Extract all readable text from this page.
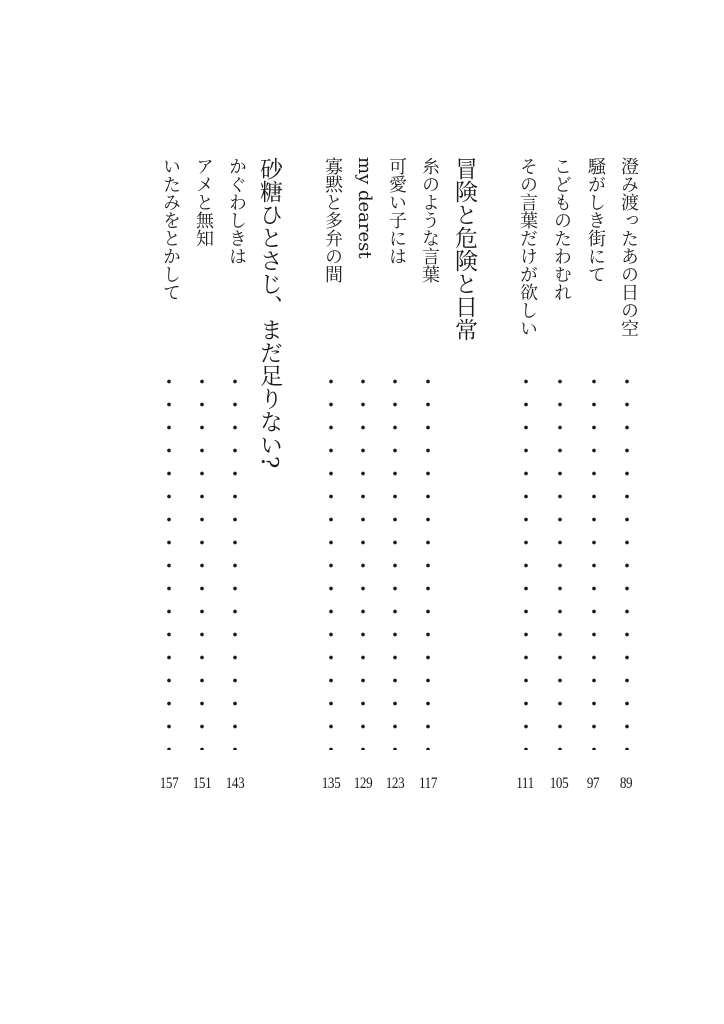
澄み渡ったあの日の空
89
騒がしき街にて
97
こどものたわむれ
105
その言葉だけが欲しい
111
冒険と危険と日常
糸のような言葉
117
可愛い子には
123
my dearest
129
寡黙と多弁の間
135
砂糖ひとさじ、まだ足りない?
かぐわしきは
143
アメと無知
151
いたみをとかして
157
